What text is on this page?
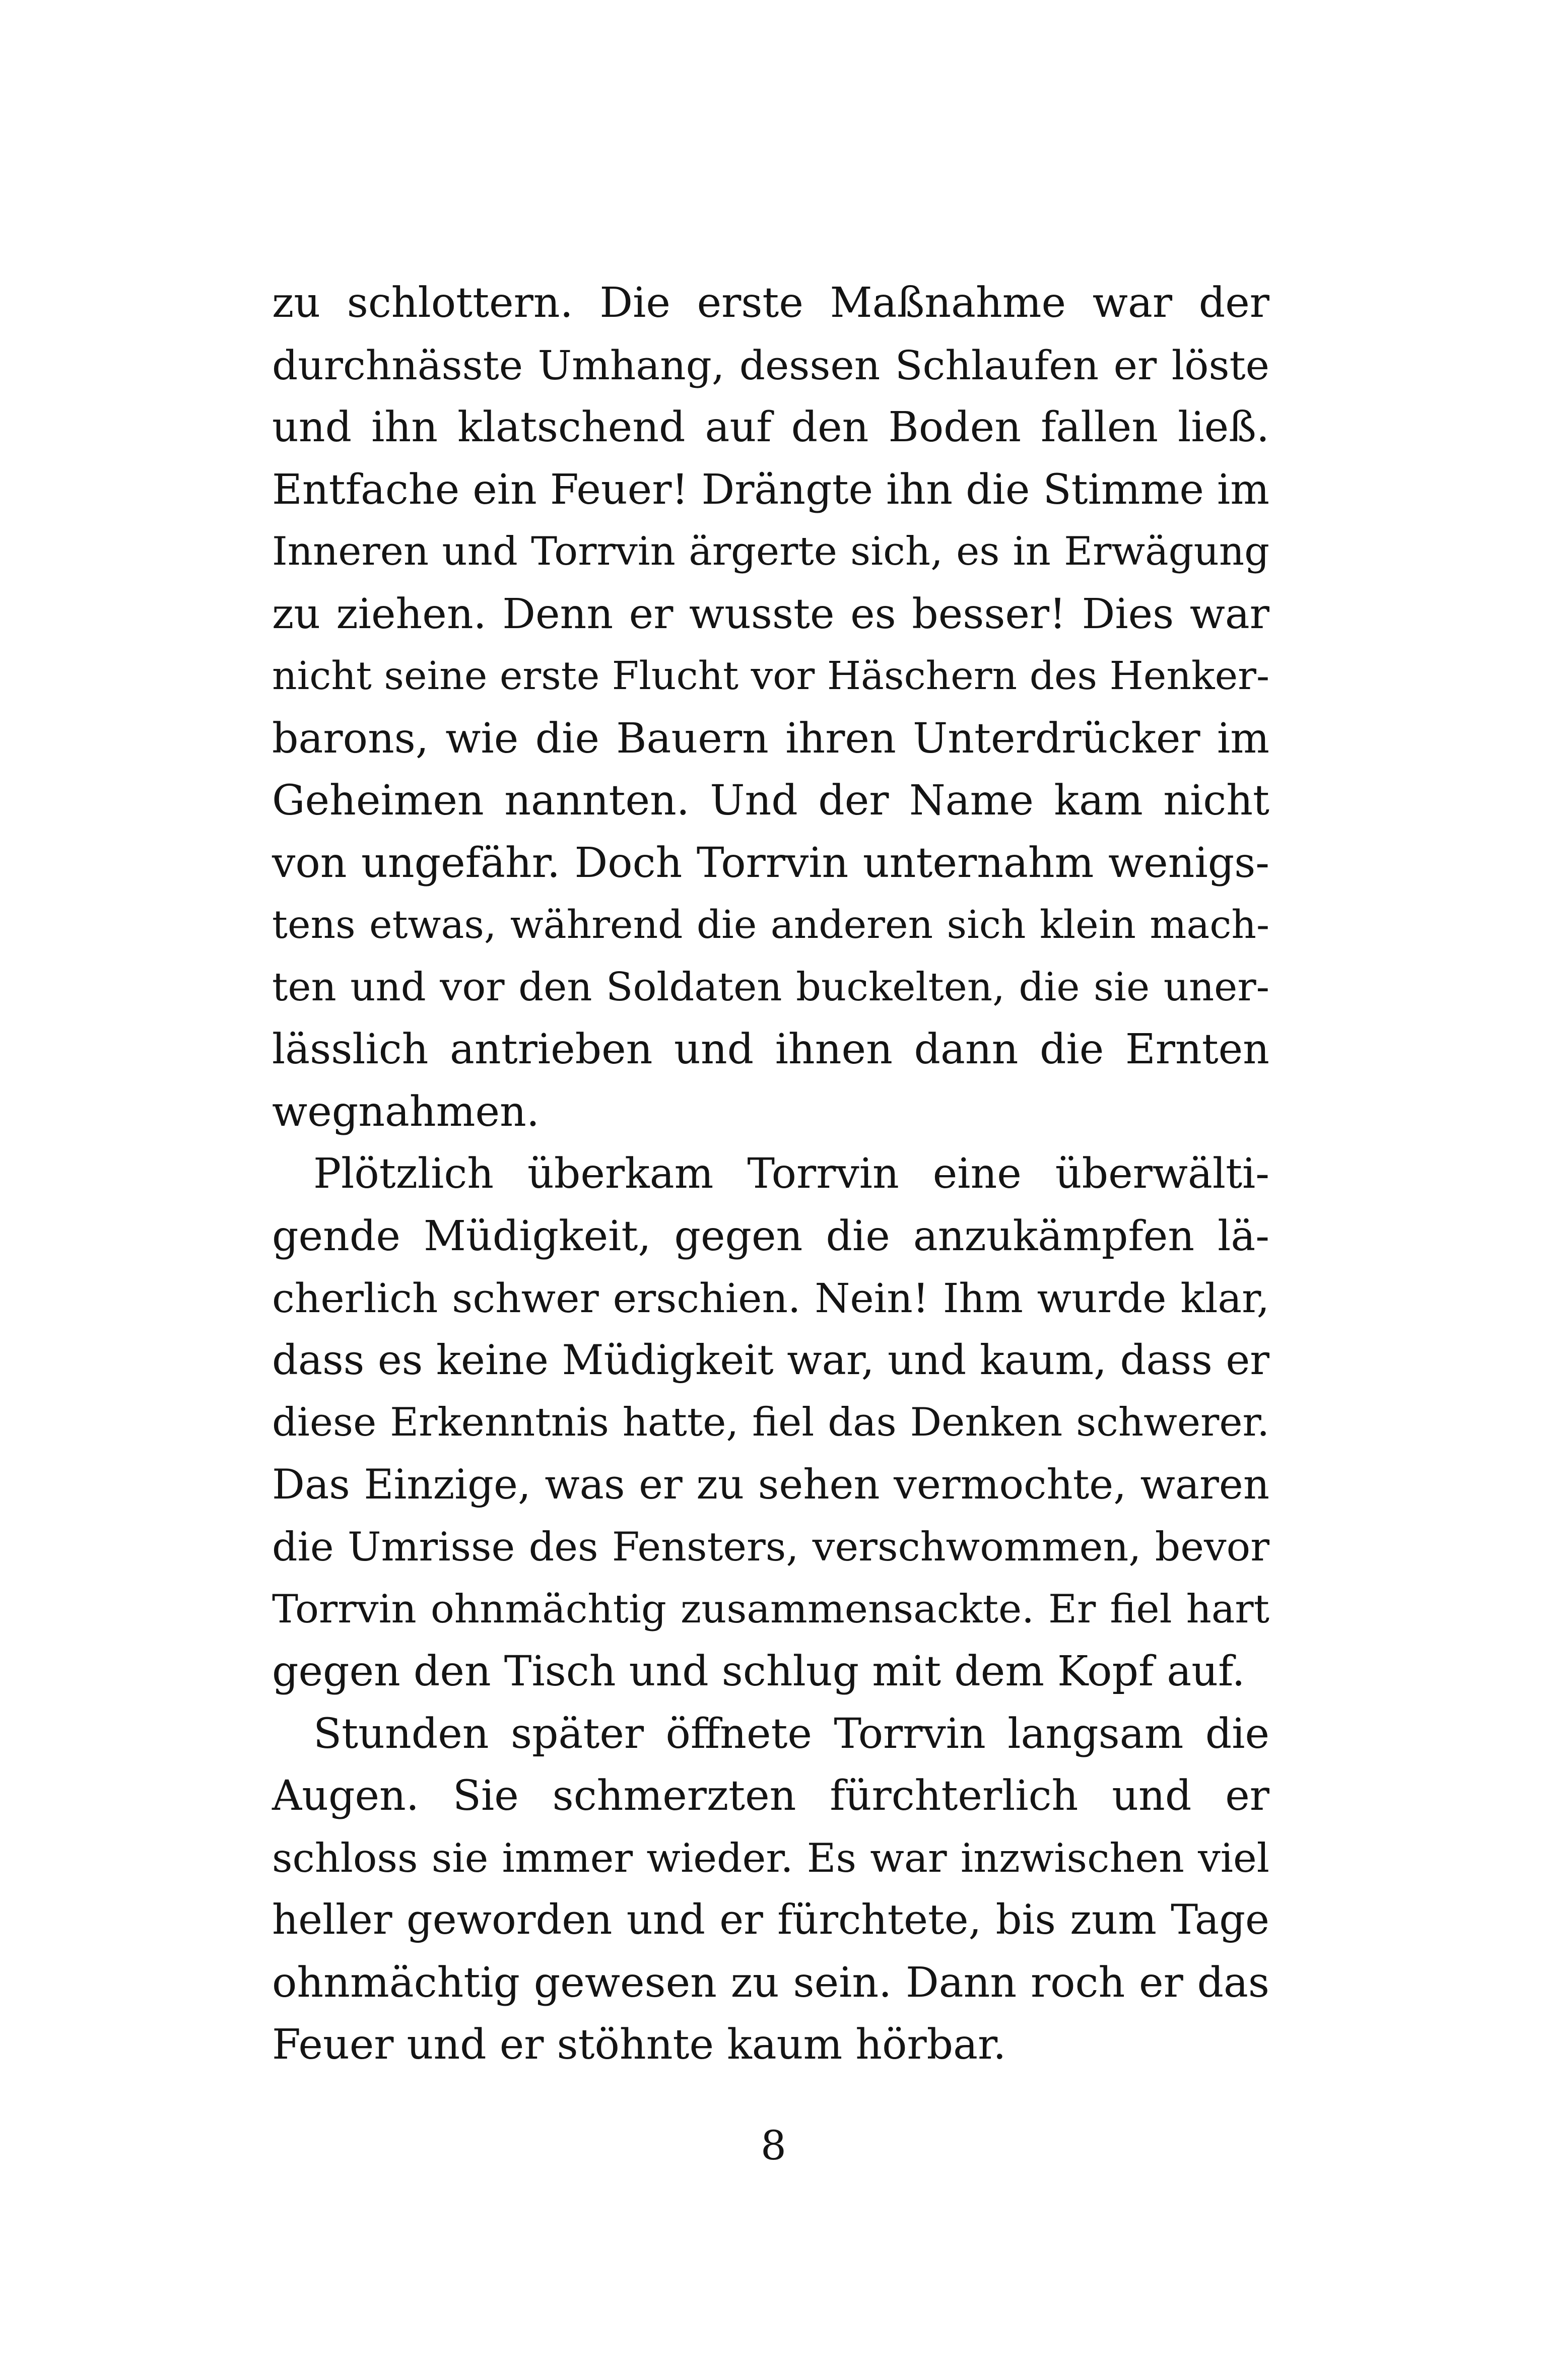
zu schlottern. Die erste Maßnahme war der
durchnässte Umhang, dessen Schlaufen er löste
und ihn klatschend auf den Boden fallen ließ.
Entfache ein Feuer! Drängte ihn die Stimme im
Inneren und Torrvin ärgerte sich, es in Erwägung
zu ziehen. Denn er wusste es besser! Dies war
nicht seine erste Flucht vor Häschern des Henker-
barons, wie die Bauern ihren Unterdrücker im
Geheimen nannten. Und der Name kam nicht
von ungefähr. Doch Torrvin unternahm wenigs-
tens etwas, während die anderen sich klein mach-
ten und vor den Soldaten buckelten, die sie uner-
lässlich antrieben und ihnen dann die Ernten
wegnahmen.
Plötzlich überkam Torrvin eine überwälti-
gende Müdigkeit, gegen die anzukämpfen lä-
cherlich schwer erschien. Nein! Ihm wurde klar,
dass es keine Müdigkeit war, und kaum, dass er
diese Erkenntnis hatte, fiel das Denken schwerer.
Das Einzige, was er zu sehen vermochte, waren
die Umrisse des Fensters, verschwommen, bevor
Torrvin ohnmächtig zusammensackte. Er fiel hart
gegen den Tisch und schlug mit dem Kopf auf.
Stunden später öffnete Torrvin langsam die
Augen. Sie schmerzten fürchterlich und er
schloss sie immer wieder. Es war inzwischen viel
heller geworden und er fürchtete, bis zum Tage
ohnmächtig gewesen zu sein. Dann roch er das
Feuer und er stöhnte kaum hörbar.
8
